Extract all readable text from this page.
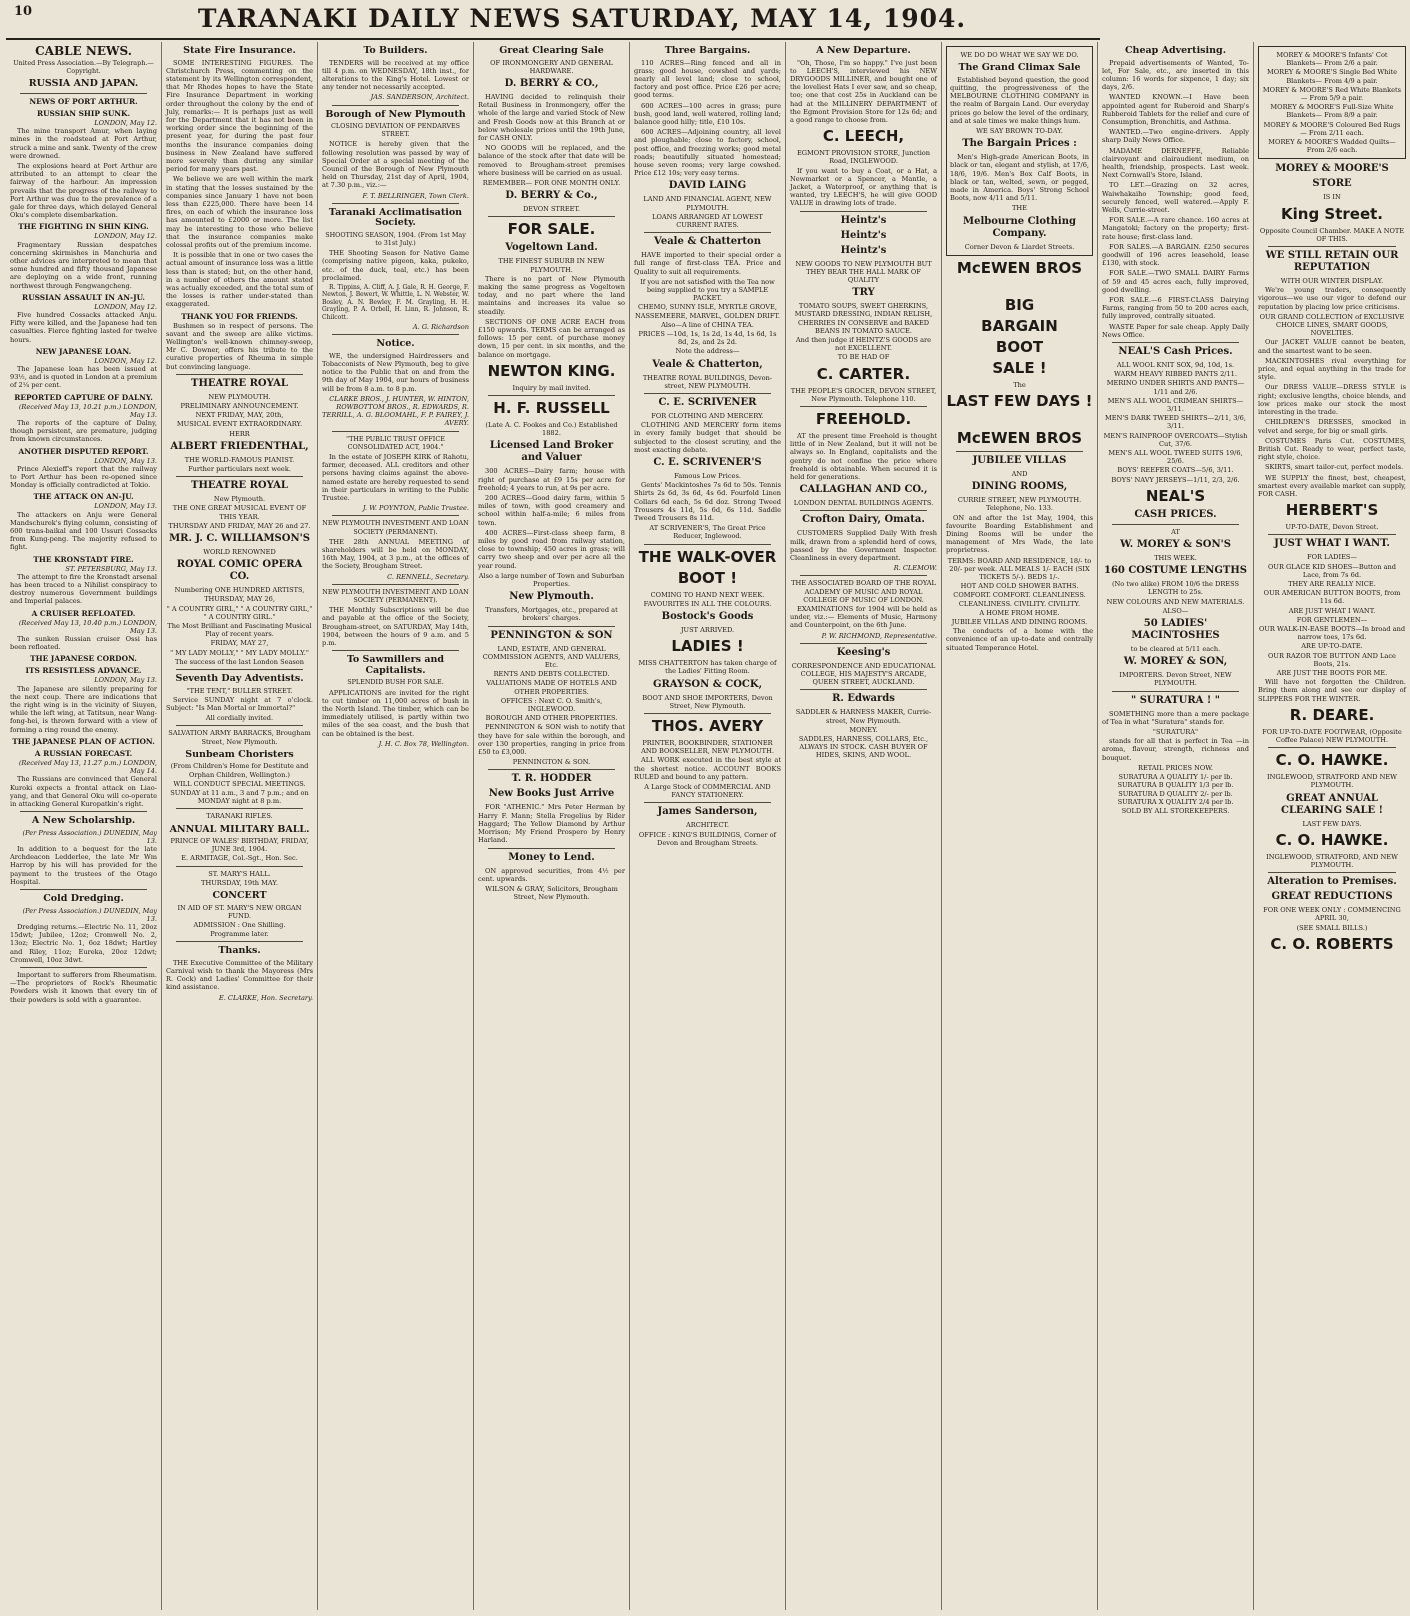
10	TARANAKI DAILY NEWS SATURDAY, MAY 14, 1904.
CABLE NEWS.
United Press Association.—By Telegraph.—Copyright.
RUSSIA AND JAPAN.
NEWS OF PORT ARTHUR.
RUSSIAN SHIP SUNK.

LONDON, May 12.

The mine transport Amur, when laying mines in the roadstead at Port Arthur, struck a mine and sank. Twenty of the crew were drowned.

The explosions heard at Port Arthur are attributed to an attempt to clear the fairway of the harbour. An impression prevails that the progress of the railway to Port Arthur was due to the prevalence of a gale for three days, which delayed General Oku's complete disembarkation.

THE FIGHTING IN SHIN KING.

LONDON, May 12.

Fragmentary Russian despatches concerning skirmishes in Manchuria and other advices are interpreted to mean that some hundred and fifty thousand Japanese are deploying on a wide front, running northwest through Fengwangcheng.

RUSSIAN ASSAULT IN AN-JU.

LONDON, May 12.

Five hundred Cossacks attacked Anju. Fifty were killed, and the Japanese had ten casualties. Fierce fighting lasted for twelve hours.

NEW JAPANESE LOAN.

LONDON, May 12.

The Japanese loan has been issued at 93½, and is quoted in London at a premium of 2¼ per cent.

REPORTED CAPTURE OF DALNY.

(Received May 13, 10.21 p.m.) LONDON, May 13.

The reports of the capture of Dalny, though persistent, are premature, judging from known circumstances.

ANOTHER DISPUTED REPORT.

LONDON, May 13.

Prince Alexieff's report that the railway to Port Arthur has been re-opened since Monday is officially contradicted at Tokio.

THE ATTACK ON AN-JU.

LONDON, May 13.

The attackers on Anju were General Mandschurek's flying column, consisting of 600 trans-baikal and 100 Ussuri Cossacks from Kung-peng. The majority refused to fight.

THE KRONSTADT FIRE.

ST. PETERSBURG, May 13.

The attempt to fire the Kronstadt arsenal has been traced to a Nihilist conspiracy to destroy numerous Government buildings and Imperial palaces.

A CRUISER REFLOATED.

(Received May 13, 10.40 p.m.) LONDON, May 13.

The sunken Russian cruiser Ossi has been refloated.

THE JAPANESE CORDON.
ITS RESISTLESS ADVANCE.

LONDON, May 13.

The Japanese are silently preparing for the next coup. There are indications that the right wing is in the vicinity of Siuyen, while the left wing, at Tatitsun, near Wang-fong-hei, is thrown forward with a view of forming a ring round the enemy.

THE JAPANESE PLAN OF ACTION.
A RUSSIAN FORECAST.

(Received May 13, 11.27 p.m.) LONDON, May 14.

The Russians are convinced that General Kuroki expects a frontal attack on Liao-yang, and that General Oku will co-operate in attacking General Kuropatkin's right.

A New Scholarship.

(Per Press Association.) DUNEDIN, May 13.

In addition to a bequest for the late Archdeacon Ledderlee, the late Mr Wm Harrop by his will has provided for the payment to the trustees of the Otago Hospital.

Cold Dredging.

(Per Press Association.) DUNEDIN, May 13.

Dredging returns.—Electric No. 11, 20oz 15dwt; Jubilee, 12oz; Cromwell No. 2, 13oz; Electric No. 1, 6oz 18dwt; Hartley and Riley, 11oz; Eureka, 20oz 12dwt; Cromwell, 10oz 3dwt.

Important to sufferers from Rheumatism.—The proprietors of Rock's Rheumatic Powders wish it known that every tin of their powders is sold with a guarantee.

State Fire Insurance.

SOME INTERESTING FIGURES. The Christchurch Press, commenting on the statement by its Wellington correspondent, that Mr Rhodes hopes to have the State Fire Insurance Department in working order throughout the colony by the end of July, remarks:— It is perhaps just as well for the Department that it has not been in working order since the beginning of the present year, for during the past four months the insurance companies doing business in New Zealand have suffered more severely than during any similar period for many years past.

We believe we are well within the mark in stating that the losses sustained by the companies since January 1 have not been less than £225,000. There have been 14 fires, on each of which the insurance loss has amounted to £2000 or more. The list may be interesting to those who believe that the insurance companies make colossal profits out of the premium income.

It is possible that in one or two cases the actual amount of insurance loss was a little less than is stated; but, on the other hand, in a number of others the amount stated was actually exceeded, and the total sum of the losses is rather under-stated than exaggerated.

THANK YOU FOR FRIENDS.

Bushmen so in respect of persons. The savant and the sweep are alike victims. Wellington's well-known chimney-sweep, Mr C. Downer, offers his tribute to the curative properties of Rheuma in simple but convincing language.

THEATRE ROYAL
NEW PLYMOUTH.
PRELIMINARY ANNOUNCEMENT.
NEXT FRIDAY, MAY, 20th,
MUSICAL EVENT EXTRAORDINARY.
HERR
ALBERT FRIEDENTHAL,
THE WORLD-FAMOUS PIANIST.
Further particulars next week.
THEATRE ROYAL
New Plymouth.
THE ONE GREAT MUSICAL EVENT OF THIS YEAR.
THURSDAY AND FRIDAY, MAY 26 and 27.
MR. J. C. WILLIAMSON'S
WORLD RENOWNED
ROYAL COMIC OPERA CO.
Numbering ONE HUNDRED ARTISTS,
THURSDAY, MAY 26,
" A COUNTRY GIRL," " A COUNTRY GIRL," " A COUNTRY GIRL."
The Most Brilliant and Fascinating Musical Play of recent years.
FRIDAY, MAY 27,
" MY LADY MOLLY," " MY LADY MOLLY."
The success of the last London Season
Seventh Day Adventists.
"THE TENT," BULLER STREET.

Service SUNDAY night at 7 o'clock. Subject: "Is Man Mortal or Immortal?"

All cordially invited.
SALVATION ARMY BARRACKS, Brougham Street, New Plymouth.
Sunbeam Choristers
(From Children's Home for Destitute and Orphan Children, Wellington.)
WILL CONDUCT SPECIAL MEETINGS.
SUNDAY at 11 a.m., 3 and 7 p.m.; and on MONDAY night at 8 p.m.
TARANAKI RIFLES.
ANNUAL MILITARY BALL.
PRINCE OF WALES' BIRTHDAY, FRIDAY, JUNE 3rd, 1904.
E. ARMITAGE, Col.-Sgt., Hon. Sec.
ST. MARY'S HALL.
THURSDAY, 19th MAY.
CONCERT
IN AID OF ST. MARY'S NEW ORGAN FUND.
ADMISSION : One Shilling.
Programme later.
Thanks.

THE Executive Committee of the Military Carnival wish to thank the Mayoress (Mrs R. Cock) and Ladies' Committee for their kind assistance.

E. CLARKE, Hon. Secretary.

To Builders.

TENDERS will be received at my office till 4 p.m. on WEDNESDAY, 18th inst., for alterations to the King's Hotel. Lowest or any tender not necessarily accepted.

JAS. SANDERSON, Architect.

Borough of New Plymouth
CLOSING DEVIATION OF PENDARVES STREET.

NOTICE is hereby given that the following resolution was passed by way of Special Order at a special meeting of the Council of the Borough of New Plymouth held on Thursday, 21st day of April, 1904, at 7.30 p.m., viz.:—

F. T. BELLRINGER, Town Clerk.

Taranaki Acclimatisation Society.
SHOOTING SEASON, 1904. (From 1st May to 31st July.)

THE Shooting Season for Native Game (comprising native pigeon, kaka, pukeko, etc. of the duck, teal, etc.) has been proclaimed.

R. Tippins, A. Cliff, A. J. Gale, R. H. George, F. Newton, J. Bewert, W. Whittle, L. N. Webster, W. Bosley, A. N. Bewley, F. M. Grayling, H. H. Grayling, P. A. Orbell, H. Linn, R. Johnson, R. Chilcott.

A. G. Richardson

Notice.

WE, the undersigned Hairdressers and Tobacconists of New Plymouth, beg to give notice to the Public that on and from the 9th day of May 1904, our hours of business will be from 8 a.m. to 8 p.m.

CLARKE BROS., J. HUNTER, W. HINTON, ROWBOTTOM BROS., R. EDWARDS, R. TERRILL, A. G. BLOOMAHL, F. P. FAIREY, J. AVERY.

"THE PUBLIC TRUST OFFICE CONSOLIDATED ACT, 1904."

In the estate of JOSEPH KIRK of Rahotu, farmer, deceased. ALL creditors and other persons having claims against the above-named estate are hereby requested to send in their particulars in writing to the Public Trustee.

J. W. POYNTON, Public Trustee.

NEW PLYMOUTH INVESTMENT AND LOAN SOCIETY (PERMANENT).

THE 28th ANNUAL MEETING of shareholders will be held on MONDAY, 16th May, 1904, at 3 p.m., at the offices of the Society, Brougham Street.

C. RENNELL, Secretary.

NEW PLYMOUTH INVESTMENT AND LOAN SOCIETY (PERMANENT).

THE Monthly Subscriptions will be due and payable at the office of the Society, Brougham-street, on SATURDAY, May 14th, 1904, between the hours of 9 a.m. and 5 p.m.

To Sawmillers and Capitalists.
SPLENDID BUSH FOR SALE.

APPLICATIONS are invited for the right to cut timber on 11,000 acres of bush in the North Island. The timber, which can be immediately utilised, is partly within two miles of the sea coast, and the bush that can be obtained is the best.

J. H. C. Box 78, Wellington.

Great Clearing Sale
OF IRONMONGERY AND GENERAL HARDWARE.
D. BERRY & CO.,

HAVING decided to relinquish their Retail Business in Ironmongery, offer the whole of the large and varied Stock of New and Fresh Goods now at this Branch at or below wholesale prices until the 19th June, for CASH ONLY.

NO GOODS will be replaced, and the balance of the stock after that date will be removed to Brougham-street premises where business will be carried on as usual.

REMEMBER— FOR ONE MONTH ONLY.
D. BERRY & Co.,
DEVON STREET.
FOR SALE.
Vogeltown Land.
THE FINEST SUBURB IN NEW PLYMOUTH.

There is no part of New Plymouth making the same progress as Vogeltown today, and no part where the land maintains and increases its value so steadily.

SECTIONS OF ONE ACRE EACH from £150 upwards. TERMS can be arranged as follows: 15 per cent. of purchase money down, 15 per cent. in six months, and the balance on mortgage.

NEWTON KING.
Inquiry by mail invited.
H. F. RUSSELL
(Late A. C. Fookes and Co.) Established 1882.
Licensed Land Broker and Valuer

300 ACRES—Dairy farm; house with right of purchase at £9 15s per acre for freehold; 4 years to run, at 9s per acre.

200 ACRES—Good dairy farm, within 5 miles of town, with good creamery and school within half-a-mile; 6 miles from town.

400 ACRES—First-class sheep farm, 8 miles by good road from railway station, close to township; 450 acres in grass; will carry two sheep and over per acre all the year round.

Also a large number of Town and Suburban Properties.
New Plymouth.
Transfers, Mortgages, etc., prepared at brokers' charges.
PENNINGTON & SON
LAND, ESTATE, AND GENERAL COMMISSION AGENTS, AND VALUERS, Etc.
RENTS AND DEBTS COLLECTED.
VALUATIONS MADE OF HOTELS AND OTHER PROPERTIES.
OFFICES : Next C. O. Smith's, INGLEWOOD.
BOROUGH AND OTHER PROPERTIES.

PENNINGTON & SON wish to notify that they have for sale within the borough, and over 130 properties, ranging in price from £50 to £3,000.

PENNINGTON & SON.
T. R. HODDER
New Books Just Arrive

FOR "ATHENIC." Mrs Peter Herman by Harry F. Mann; Stella Fregelius by Rider Haggard; The Yellow Diamond by Arthur Morrison; My Friend Prospero by Henry Harland.

Money to Lend.

ON approved securities, from 4½ per cent. upwards.

WILSON & GRAY, Solicitors, Brougham Street, New Plymouth.
Three Bargains.

110 ACRES—Ring fenced and all in grass; good house, cowshed and yards; nearly all level land; close to school, factory and post office. Price £26 per acre; good terms.

600 ACRES—100 acres in grass; pure bush, good land, well watered, rolling land; balance good hilly; title, £10 10s.

600 ACRES—Adjoining country, all level and ploughable; close to factory, school, post office, and freezing works; good metal roads; beautifully situated homestead; house seven rooms; very large cowshed. Price £12 10s; very easy terms.

DAVID LAING
LAND AND FINANCIAL AGENT, NEW PLYMOUTH.
LOANS ARRANGED AT LOWEST CURRENT RATES.
Veale & Chatterton

HAVE imported to their special order a full range of first-class TEA. Price and Quality to suit all requirements.

If you are not satisfied with the Tea now being supplied to you try a SAMPLE PACKET.
CHEMO, SUNNY ISLE, MYRTLE GROVE, NASSEMEERE, MARVEL, GOLDEN DRIFT.
Also—A line of CHINA TEA.
PRICES —10d, 1s, 1s 2d, 1s 4d, 1s 6d, 1s 8d, 2s, and 2s 2d.
Note the address—
Veale & Chatterton,
THEATRE ROYAL BUILDINGS, Devon-street, NEW PLYMOUTH.
C. E. SCRIVENER
FOR CLOTHING AND MERCERY.

CLOTHING AND MERCERY form items in every family budget that should be subjected to the closest scrutiny, and the most exacting debate.

C. E. SCRIVENER'S
Famous Low Prices.

Gents' Mackintoshes 7s 6d to 50s. Tennis Shirts 2s 6d, 3s 6d, 4s 6d. Fourfold Linen Collars 6d each, 5s 6d doz. Strong Tweed Trousers 4s 11d, 5s 6d, 6s 11d. Saddle Tweed Trousers 8s 11d.

AT SCRIVENER'S, The Great Price Reducer, Inglewood.
THE WALK-OVER
BOOT !
COMING TO HAND NEXT WEEK.
FAVOURITES IN ALL THE COLOURS.
Bostock's Goods
JUST ARRIVED.
LADIES !
MISS CHATTERTON has taken charge of the Ladies' Fitting Room.
GRAYSON & COCK,
BOOT AND SHOE IMPORTERS, Devon Street, New Plymouth.
THOS. AVERY
PRINTER, BOOKBINDER, STATIONER AND BOOKSELLER, NEW PLYMOUTH.

ALL WORK executed in the best style at the shortest notice. ACCOUNT BOOKS RULED and bound to any pattern.

A Large Stock of COMMERCIAL AND FANCY STATIONERY.
James Sanderson,
ARCHITECT.
OFFICE : KING'S BUILDINGS, Corner of Devon and Brougham Streets.
A New Departure.

"Oh, Those, I'm so happy." I've just been to LEECH'S, interviewed his NEW DRYGOODS MILLINER, and bought one of the loveliest Hats I ever saw, and so cheap, too; one that cost 25s in Auckland can be had at the MILLINERY DEPARTMENT of the Egmont Provision Store for 12s 6d; and a good range to choose from.

C. LEECH,
EGMONT PROVISION STORE, Junction Road, INGLEWOOD.

If you want to buy a Coat, or a Hat, a Newmarket or a Spencer, a Mantle, a Jacket, a Waterproof, or anything that is wanted, try LEECH'S, he will give GOOD VALUE in drawing lots of trade.

Heintz's
Heintz's
Heintz's
NEW GOODS TO NEW PLYMOUTH BUT THEY BEAR THE HALL MARK OF QUALITY
TRY
TOMATO SOUPS, SWEET GHERKINS, MUSTARD DRESSING, INDIAN RELISH, CHERRIES IN CONSERVE and BAKED BEANS IN TOMATO SAUCE.
And then judge if HEINTZ'S GOODS are not EXCELLENT.
TO BE HAD OF
C. CARTER.
THE PEOPLE'S GROCER, DEVON STREET, New Plymouth. Telephone 110.
FREEHOLD.

AT the present time Freehold is thought little of in New Zealand, but it will not be always so. In England, capitalists and the gentry do not confine the price where freehold is obtainable. When secured it is held for generations.

CALLAGHAN AND CO.,
LONDON DENTAL BUILDINGS AGENTS.
Crofton Dairy, Omata.

CUSTOMERS Supplied Daily With fresh milk, drawn from a splendid herd of cows, passed by the Government Inspector. Cleanliness in every department.

R. CLEMOW.

THE ASSOCIATED BOARD OF THE ROYAL ACADEMY OF MUSIC AND ROYAL COLLEGE OF MUSIC OF LONDON.

EXAMINATIONS for 1904 will be held as under, viz.:— Elements of Music, Harmony and Counterpoint, on the 6th June.

P. W. RICHMOND, Representative.

Keesing's
CORRESPONDENCE AND EDUCATIONAL COLLEGE, HIS MAJESTY'S ARCADE, QUEEN STREET, AUCKLAND.
R. Edwards
SADDLER & HARNESS MAKER, Currie-street, New Plymouth.
MONEY.
SADDLES, HARNESS, COLLARS, Etc., ALWAYS IN STOCK. CASH BUYER OF HIDES, SKINS, AND WOOL.
WE DO DO WHAT WE SAY WE DO.
The Grand Climax Sale

Established beyond question, the good quitting, the progressiveness of the MELBOURNE CLOTHING COMPANY in the realm of Bargain Land. Our everyday prices go below the level of the ordinary, and at sale times we make things hum.

WE SAY BROWN TO-DAY.
The Bargain Prices :

Men's High-grade American Boots, in black or tan, elegant and stylish, at 17/6, 18/6, 19/6. Men's Box Calf Boots, in black or tan, welted, sewn, or pegged, made in America. Boys' Strong School Boots, now 4/11 and 5/11.

THE
Melbourne Clothing Company.
Corner Devon & Liardet Streets.
McEWEN BROS
BIG
BARGAIN
BOOT
SALE !
The
LAST FEW DAYS !
McEWEN BROS
JUBILEE VILLAS
AND
DINING ROOMS,
CURRIE STREET, NEW PLYMOUTH. Telephone, No. 133.

ON and after the 1st May, 1904, this favourite Boarding Establishment and Dining Rooms will be under the management of Mrs Wade, the late proprietress.

TERMS: BOARD AND RESIDENCE, 18/- to 20/- per week. ALL MEALS 1/- EACH (SIX TICKETS 5/-). BEDS 1/-.
HOT AND COLD SHOWER BATHS.
COMFORT. COMFORT. CLEANLINESS. CLEANLINESS. CIVILITY. CIVILITY.
A HOME FROM HOME.
JUBILEE VILLAS AND DINING ROOMS.

The conducts of a home with the convenience of an up-to-date and centrally situated Temperance Hotel.

Cheap Advertising.

Prepaid advertisements of Wanted, To-let, For Sale, etc., are inserted in this column: 16 words for sixpence, 1 day; six days, 2/6.

WANTED KNOWN.—I Have been appointed agent for Ruberoid and Sharp's Rubberoid Tablets for the relief and cure of Consumption, Bronchitis, and Asthma.

WANTED.—Two engine-drivers. Apply sharp Daily News Office.

MADAME DERNEFFE, Reliable clairvoyant and clairaudient medium, on health, friendship, prospects. Last week. Next Cornwall's Store, Island.

TO LET.—Grazing on 32 acres, Waiwhakaiho Township; good feed, securely fenced, well watered.—Apply F. Wells, Currie-street.

FOR SALE.—A rare chance. 160 acres at Mangatoki; factory on the property; first-rate house; first-class land.

FOR SALES.—A BARGAIN. £250 secures goodwill of 196 acres leasehold, lease £130, with stock.

FOR SALE.—TWO SMALL DAIRY Farms of 59 and 45 acres each, fully improved, good dwelling.

FOR SALE.—6 FIRST-CLASS Dairying Farms, ranging from 50 to 200 acres each, fully improved, centrally situated.

WASTE Paper for sale cheap. Apply Daily News Office.

NEAL'S Cash Prices.
ALL WOOL KNIT SOX, 9d, 10d, 1s.
WARM HEAVY RIBBED PANTS 2/11.
MERINO UNDER SHIRTS AND PANTS—1/11 and 2/6.
MEN'S ALL WOOL CRIMEAN SHIRTS—3/11.
MEN'S DARK TWEED SHIRTS—2/11, 3/6, 3/11.
MEN'S RAINPROOF OVERCOATS—Stylish Cut, 37/6.
MEN'S ALL WOOL TWEED SUITS 19/6, 25/6.
BOYS' REEFER COATS—5/6, 3/11.
BOYS' NAVY JERSEYS—1/11, 2/3, 2/6.
NEAL'S
CASH PRICES.
AT
W. MOREY & SON'S
THIS WEEK.
160 COSTUME LENGTHS
(No two alike) FROM 10/6 the DRESS LENGTH to 25s.
NEW COLOURS AND NEW MATERIALS.
ALSO—
50 LADIES' MACINTOSHES
to be cleared at 5/11 each.
W. MOREY & SON,
IMPORTERS. Devon Street, NEW PLYMOUTH.
" SURATURA ! "

SOMETHING more than a mere package of Tea in what "Suratura" stands for.

"SURATURA"

stands for all that is perfect in Tea —in aroma, flavour, strength, richness and bouquet.

RETAIL PRICES NOW.
SURATURA A QUALITY 1/- per lb. SURATURA B QUALITY 1/3 per lb. SURATURA D QUALITY 2/- per lb. SURATURA X QUALITY 2/4 per lb.
SOLD BY ALL STOREKEEPERS.
MOREY & MOORE'S Infants' Cot Blankets— From 2/6 a pair.
MOREY & MOORE'S Single Bed White Blankets— From 4/9 a pair.
MOREY & MOORE'S Red White Blankets— From 5/9 a pair.
MOREY & MOORE'S Full-Size White Blankets— From 8/9 a pair.
MOREY & MOORE'S Coloured Bed Rugs— From 2/11 each.
MOREY & MOORE'S Wadded Quilts— From 2/6 each.
MOREY & MOORE'S
STORE
IS IN
King Street.
Opposite Council Chamber. MAKE A NOTE OF THIS.
WE STILL RETAIN OUR REPUTATION
WITH OUR WINTER DISPLAY.

We're young traders, consequently vigorous—we use our vigor to defend our reputation by placing low price criticisms.

OUR GRAND COLLECTION of EXCLUSIVE CHOICE LINES, SMART GOODS, NOVELTIES.

Our JACKET VALUE cannot be beaten, and the smartest want to be seen.

MACKINTOSHES rival everything for price, and equal anything in the trade for style.

Our DRESS VALUE—DRESS STYLE is right; exclusive lengths, choice blends, and low prices make our stock the most interesting in the trade.

CHILDREN'S DRESSES, smocked in velvet and serge, for big or small girls.

COSTUMES Paris Cut. COSTUMES, British Cut. Ready to wear, perfect taste, right style, choice.

SKIRTS, smart tailor-cut, perfect models.

WE SUPPLY the finest, best, cheapest, smartest every available market can supply, FOR CASH.

HERBERT'S
UP-TO-DATE, Devon Street.
JUST WHAT I WANT.
FOR LADIES—
OUR GLACE KID SHOES—Button and Lace, from 7s 6d.
THEY ARE REALLY NICE.
OUR AMERICAN BUTTON BOOTS, from 11s 6d.
ARE JUST WHAT I WANT.
FOR GENTLEMEN—
OUR WALK-IN-EASE BOOTS—In broad and narrow toes, 17s 6d.
ARE UP-TO-DATE.
OUR RAZOR TOE BUTTON AND Lace Boots, 21s.
ARE JUST THE BOOTS FOR ME.

Will have not forgotten the Children. Bring them along and see our display of SLIPPERS FOR THE WINTER.

R. DEARE.
FOR UP-TO-DATE FOOTWEAR, (Opposite Coffee Palace) NEW PLYMOUTH.
C. O. HAWKE.
INGLEWOOD, STRATFORD AND NEW PLYMOUTH.
GREAT ANNUAL CLEARING SALE !
LAST FEW DAYS.
C. O. HAWKE.
INGLEWOOD, STRATFORD, AND NEW PLYMOUTH.
Alteration to Premises.
GREAT REDUCTIONS
FOR ONE WEEK ONLY : COMMENCING APRIL 30,
(SEE SMALL BILLS.)
C. O. ROBERTS
